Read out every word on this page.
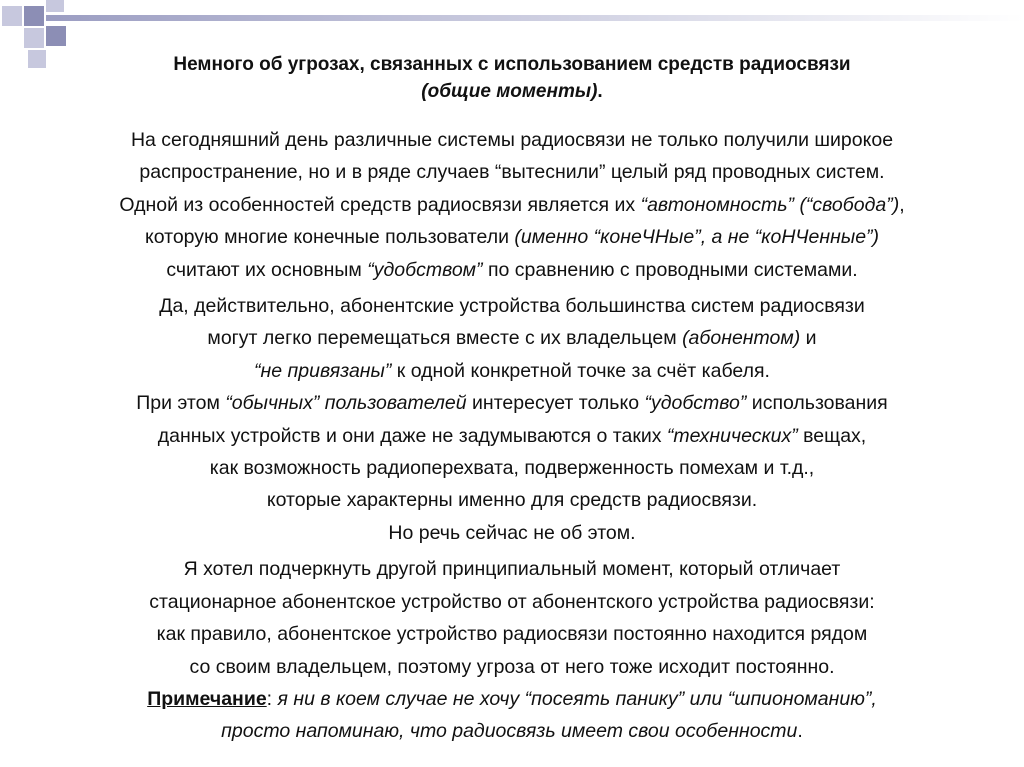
Немного об угрозах, связанных с использованием средств радиосвязи
(общие моменты).

На сегодняшний день различные системы радиосвязи не только получили широкое
распространение, но и в ряде случаев “вытеснили” целый ряд проводных систем.
Одной из особенностей средств радиосвязи является их “автономность” (“свобода”),
которую многие конечные пользователи (именно “конеЧНые”, а не “коНЧенные”)
считают их основным “удобством” по сравнению с проводными системами.

Да, действительно, абонентские устройства большинства систем радиосвязи
могут легко перемещаться вместе с их владельцем (абонентом) и
“не привязаны” к одной конкретной точке за счёт кабеля.
При этом “обычных” пользователей интересует только “удобство” использования
данных устройств и они даже не задумываются о таких “технических” вещах,
как возможность радиоперехвата, подверженность помехам и т.д.,
которые характерны именно для средств радиосвязи.
Но речь сейчас не об этом.

Я хотел подчеркнуть другой принципиальный момент, который отличает
стационарное абонентское устройство от абонентского устройства радиосвязи:
как правило, абонентское устройство радиосвязи постоянно находится рядом
со своим владельцем, поэтому угроза от него тоже исходит постоянно.
Примечание: я ни в коем случае не хочу “посеять панику” или “шпиономанию”,
просто напоминаю, что радиосвязь имеет свои особенности.
